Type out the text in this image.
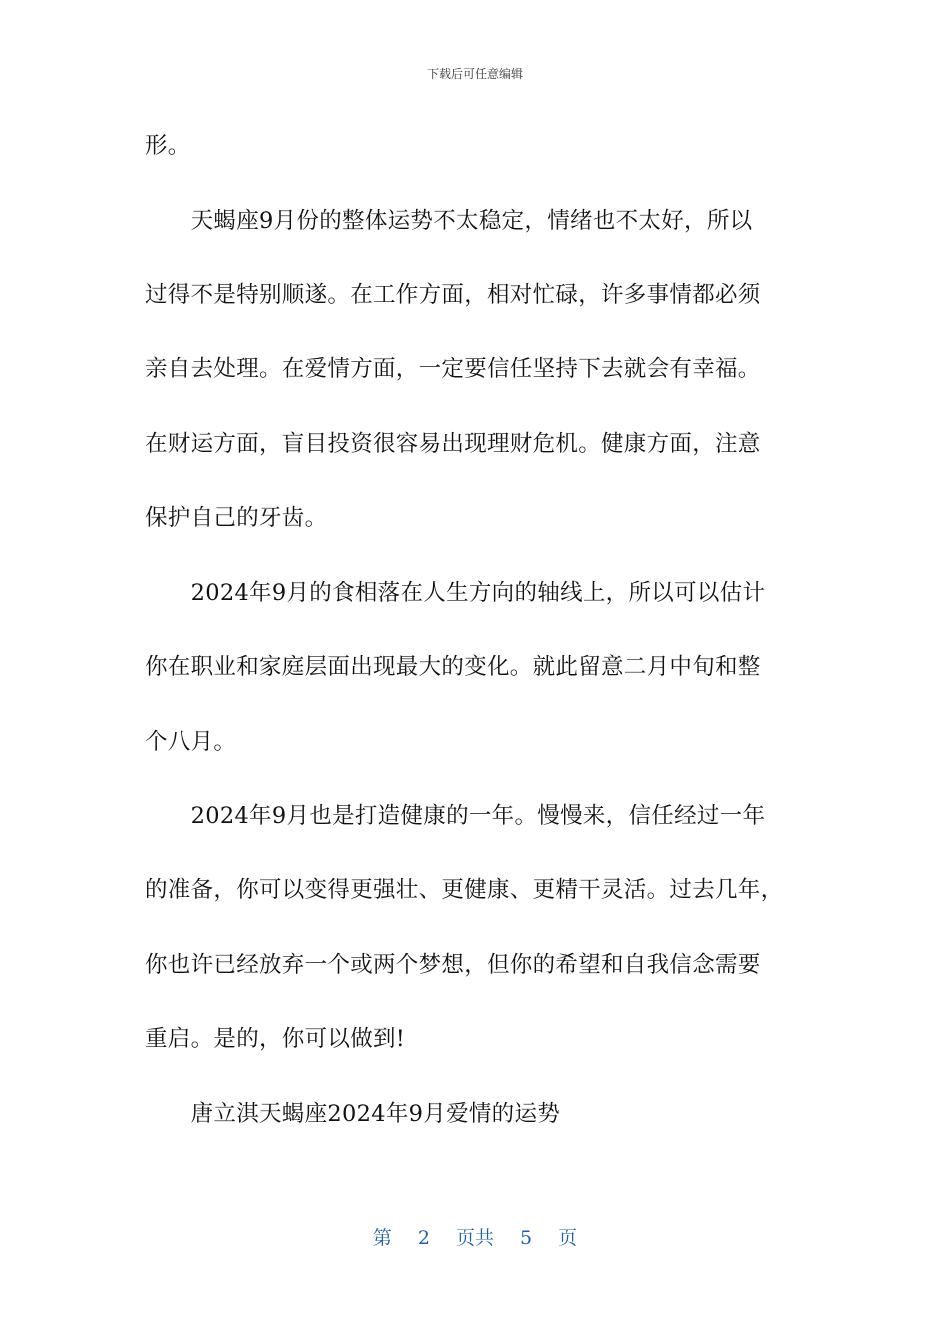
下载后可任意编辑
形。
　　天蝎座9月份的整体运势不太稳定，情绪也不太好，所以
过得不是特别顺遂。在工作方面，相对忙碌，许多事情都必须
亲自去处理。在爱情方面，一定要信任坚持下去就会有幸福。
在财运方面，盲目投资很容易出现理财危机。健康方面，注意
保护自己的牙齿。
　　2024年9月的食相落在人生方向的轴线上，所以可以估计
你在职业和家庭层面出现最大的变化。就此留意二月中旬和整
个八月。
　　2024年9月也是打造健康的一年。慢慢来，信任经过一年
的准备，你可以变得更强壮、更健康、更精干灵活。过去几年，
你也许已经放弃一个或两个梦想，但你的希望和自我信念需要
重启。是的，你可以做到!
　　唐立淇天蝎座2024年9月爱情的运势
第 2 页共 5 页
